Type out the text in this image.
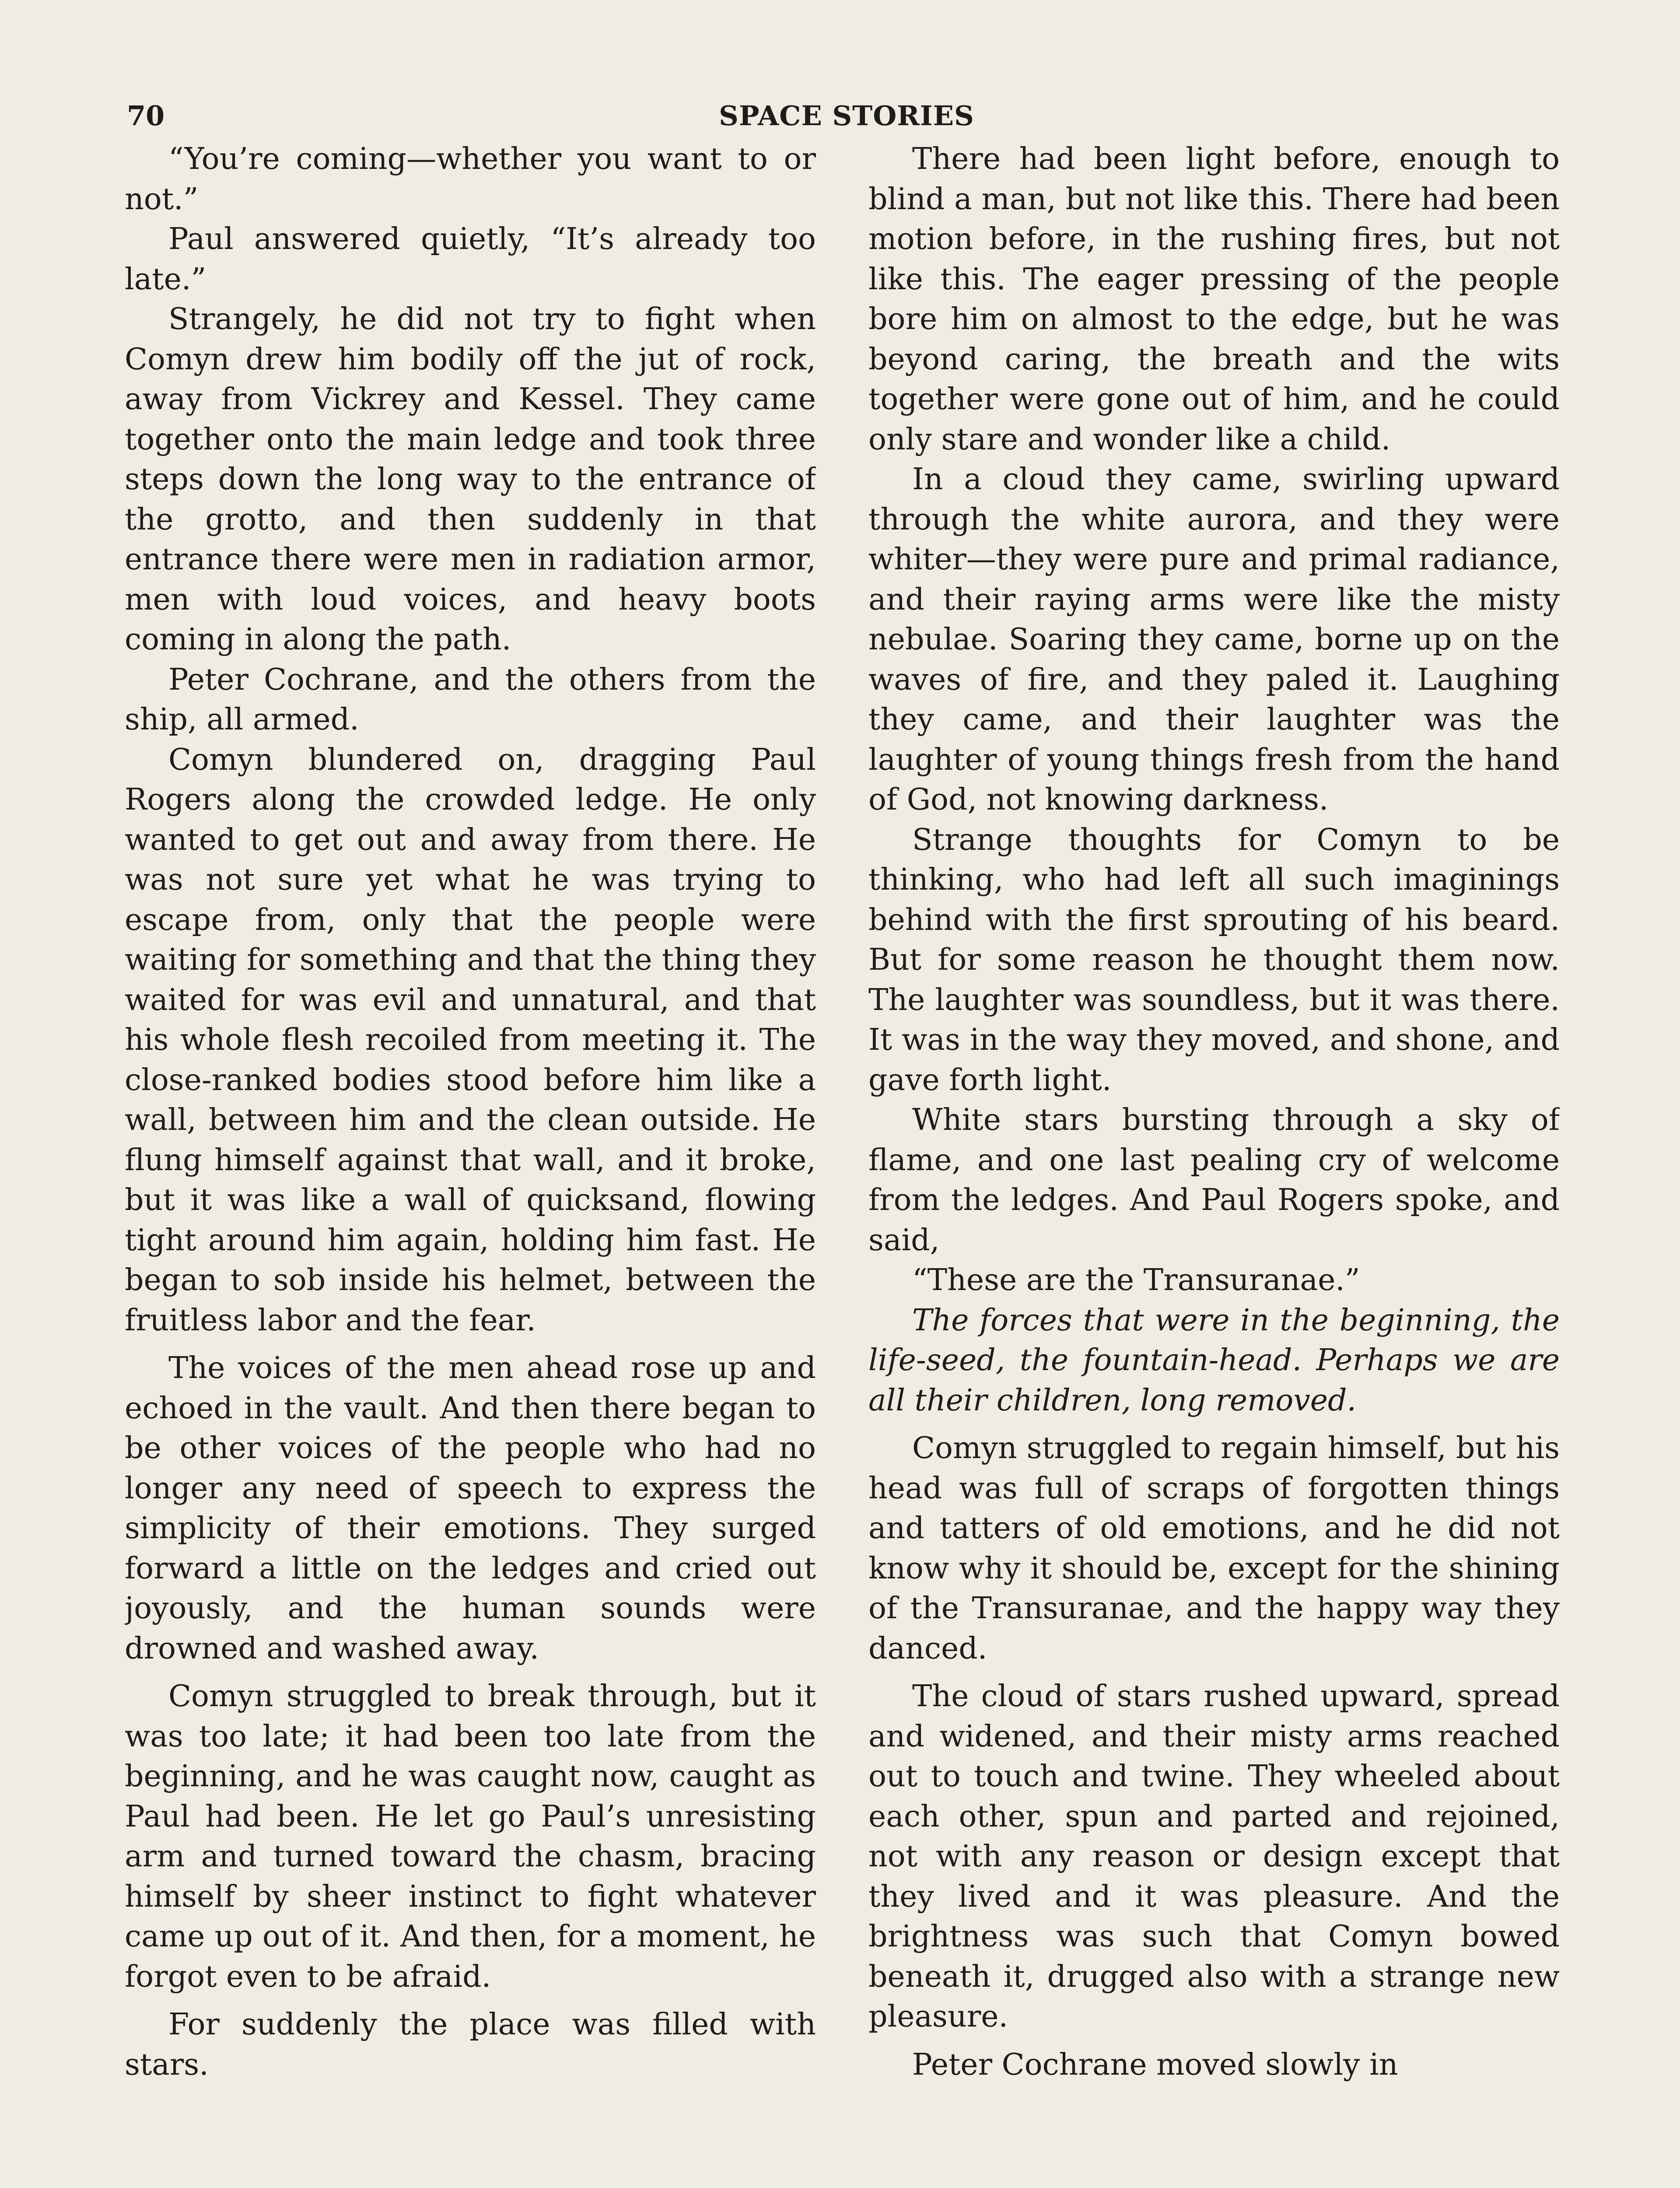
70	SPACE STORIES

“You’re coming—whether you want to or not.”

Paul answered quietly, “It’s already too late.”

Strangely, he did not try to fight when Comyn drew him bodily off the jut of rock, away from Vickrey and Kessel. They came together onto the main ledge and took three steps down the long way to the entrance of the grotto, and then suddenly in that entrance there were men in radiation armor, men with loud voices, and heavy boots coming in along the path.

Peter Cochrane, and the others from the ship, all armed.

Comyn blundered on, dragging Paul Rogers along the crowded ledge. He only wanted to get out and away from there. He was not sure yet what he was trying to escape from, only that the people were waiting for something and that the thing they waited for was evil and unnatural, and that his whole flesh recoiled from meeting it. The close-ranked bodies stood before him like a wall, between him and the clean outside. He flung himself against that wall, and it broke, but it was like a wall of quicksand, flowing tight around him again, holding him fast. He began to sob inside his helmet, between the fruitless labor and the fear.

The voices of the men ahead rose up and echoed in the vault. And then there began to be other voices of the people who had no longer any need of speech to express the simplicity of their emotions. They surged forward a little on the ledges and cried out joyously, and the human sounds were drowned and washed away.

Comyn struggled to break through, but it was too late; it had been too late from the beginning, and he was caught now, caught as Paul had been. He let go Paul’s unresisting arm and turned toward the chasm, bracing himself by sheer instinct to fight whatever came up out of it. And then, for a moment, he forgot even to be afraid.

For suddenly the place was filled with stars.

There had been light before, enough to blind a man, but not like this. There had been motion before, in the rushing fires, but not like this. The eager pressing of the people bore him on almost to the edge, but he was beyond caring, the breath and the wits together were gone out of him, and he could only stare and wonder like a child.

In a cloud they came, swirling upward through the white aurora, and they were whiter—they were pure and primal radiance, and their raying arms were like the misty nebulae. Soaring they came, borne up on the waves of fire, and they paled it. Laughing they came, and their laughter was the laughter of young things fresh from the hand of God, not knowing darkness.

Strange thoughts for Comyn to be thinking, who had left all such imaginings behind with the first sprouting of his beard. But for some reason he thought them now. The laughter was soundless, but it was there. It was in the way they moved, and shone, and gave forth light.

White stars bursting through a sky of flame, and one last pealing cry of welcome from the ledges. And Paul Rogers spoke, and said,

“These are the Transuranae.”

The forces that were in the beginning, the life-seed, the fountain-head. Perhaps we are all their children, long removed.

Comyn struggled to regain himself, but his head was full of scraps of forgotten things and tatters of old emotions, and he did not know why it should be, except for the shining of the Transuranae, and the happy way they danced.

The cloud of stars rushed upward, spread and widened, and their misty arms reached out to touch and twine. They wheeled about each other, spun and parted and rejoined, not with any reason or design except that they lived and it was pleasure. And the brightness was such that Comyn bowed beneath it, drugged also with a strange new pleasure.

Peter Cochrane moved slowly in
